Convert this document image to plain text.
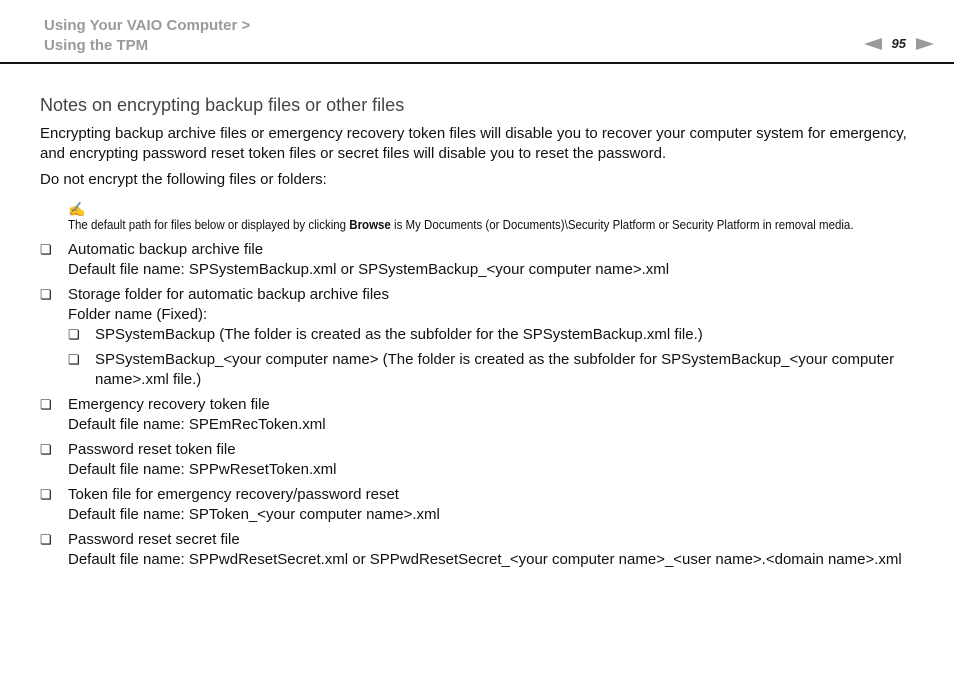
Using Your VAIO Computer >
Using the TPM	95
Notes on encrypting backup files or other files

Encrypting backup archive files or emergency recovery token files will disable you to recover your computer system for emergency, and encrypting password reset token files or secret files will disable you to reset the password.

Do not encrypt the following files or folders:

✍
The default path for files below or displayed by clicking Browse is My Documents (or Documents)\Security Platform or Security Platform in removal media.
❏ Automatic backup archive file
Default file name: SPSystemBackup.xml or SPSystemBackup_<your computer name>.xml
❏ Storage folder for automatic backup archive files
Folder name (Fixed):
❏ SPSystemBackup (The folder is created as the subfolder for the SPSystemBackup.xml file.)
❏ SPSystemBackup_<your computer name> (The folder is created as the subfolder for SPSystemBackup_<your computer name>.xml file.)
❏ Emergency recovery token file
Default file name: SPEmRecToken.xml
❏ Password reset token file
Default file name: SPPwResetToken.xml
❏ Token file for emergency recovery/password reset
Default file name: SPToken_<your computer name>.xml
❏ Password reset secret file
Default file name: SPPwdResetSecret.xml or SPPwdResetSecret_<your computer name>_<user name>.<domain name>.xml
